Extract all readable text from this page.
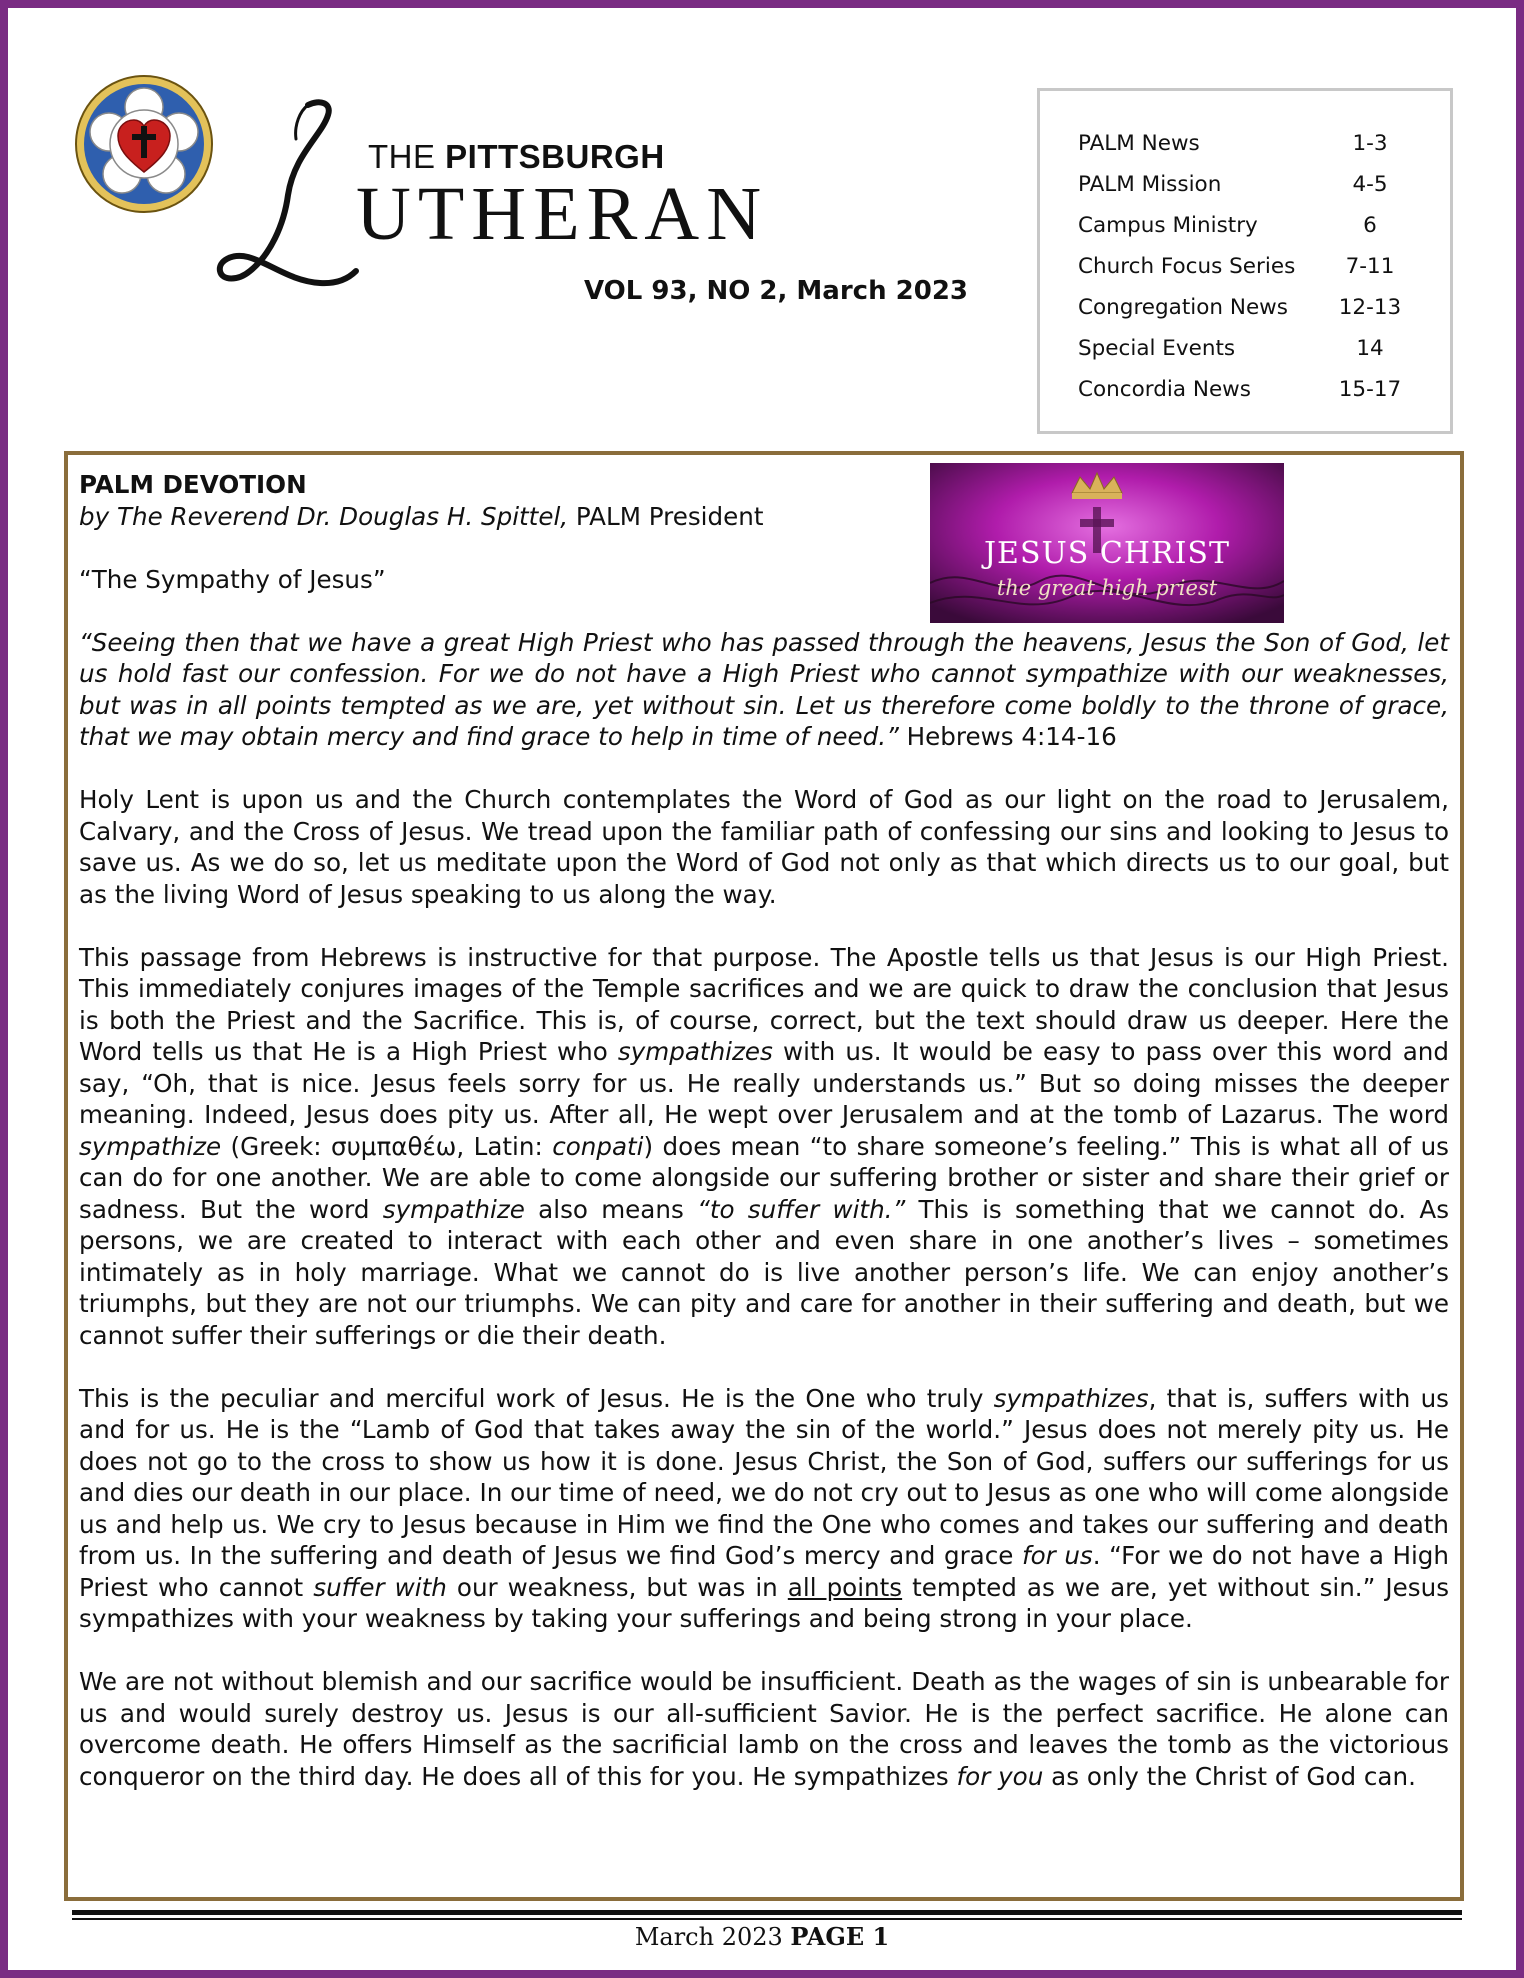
THE PITTSBURGH
UTHERAN
VOL 93, NO 2, March 2023
PALM News	1-3
PALM Mission	4-5
Campus Ministry	6
Church Focus Series	7-11
Congregation News	12-13
Special Events	14
Concordia News	15-17
PALM DEVOTION
by The Reverend Dr. Douglas H. Spittel, PALM President
“The Sympathy of Jesus”
“Seeing then that we have a great High Priest who has passed through the heavens, Jesus the Son of God, let us hold fast our confession. For we do not have a High Priest who cannot sympathize with our weaknesses, but was in all points tempted as we are, yet without sin. Let us therefore come boldly to the throne of grace, that we may obtain mercy and find grace to help in time of need.” Hebrews 4:14-16
Holy Lent is upon us and the Church contemplates the Word of God as our light on the road to Jerusalem, Calvary, and the Cross of Jesus. We tread upon the familiar path of confessing our sins and looking to Jesus to save us. As we do so, let us meditate upon the Word of God not only as that which directs us to our goal, but as the living Word of Jesus speaking to us along the way.
This passage from Hebrews is instructive for that purpose. The Apostle tells us that Jesus is our High Priest. This immediately conjures images of the Temple sacrifices and we are quick to draw the conclusion that Jesus is both the Priest and the Sacrifice. This is, of course, correct, but the text should draw us deeper. Here the Word tells us that He is a High Priest who sympathizes with us. It would be easy to pass over this word and say, “Oh, that is nice. Jesus feels sorry for us. He really understands us.” But so doing misses the deeper meaning. Indeed, Jesus does pity us. After all, He wept over Jerusalem and at the tomb of Lazarus. The word sympathize (Greek: συμπαθέω, Latin: conpati) does mean “to share someone’s feeling.” This is what all of us can do for one another. We are able to come alongside our suffering brother or sister and share their grief or sadness. But the word sympathize also means “to suffer with.” This is something that we cannot do. As persons, we are created to interact with each other and even share in one another’s lives – sometimes intimately as in holy marriage. What we cannot do is live another person’s life. We can enjoy another’s triumphs, but they are not our triumphs. We can pity and care for another in their suffering and death, but we cannot suffer their sufferings or die their death.
This is the peculiar and merciful work of Jesus. He is the One who truly sympathizes, that is, suffers with us and for us. He is the “Lamb of God that takes away the sin of the world.” Jesus does not merely pity us. He does not go to the cross to show us how it is done. Jesus Christ, the Son of God, suffers our sufferings for us and dies our death in our place. In our time of need, we do not cry out to Jesus as one who will come alongside us and help us. We cry to Jesus because in Him we find the One who comes and takes our suffering and death from us. In the suffering and death of Jesus we find God’s mercy and grace for us. “For we do not have a High Priest who cannot suffer with our weakness, but was in all points tempted as we are, yet without sin.” Jesus sympathizes with your weakness by taking your sufferings and being strong in your place.
We are not without blemish and our sacrifice would be insufficient. Death as the wages of sin is unbearable for us and would surely destroy us. Jesus is our all-sufficient Savior. He is the perfect sacrifice. He alone can overcome death. He offers Himself as the sacrificial lamb on the cross and leaves the tomb as the victorious conqueror on the third day. He does all of this for you. He sympathizes for you as only the Christ of God can.
JESUS CHRIST
the great high priest
March 2023 PAGE 1
